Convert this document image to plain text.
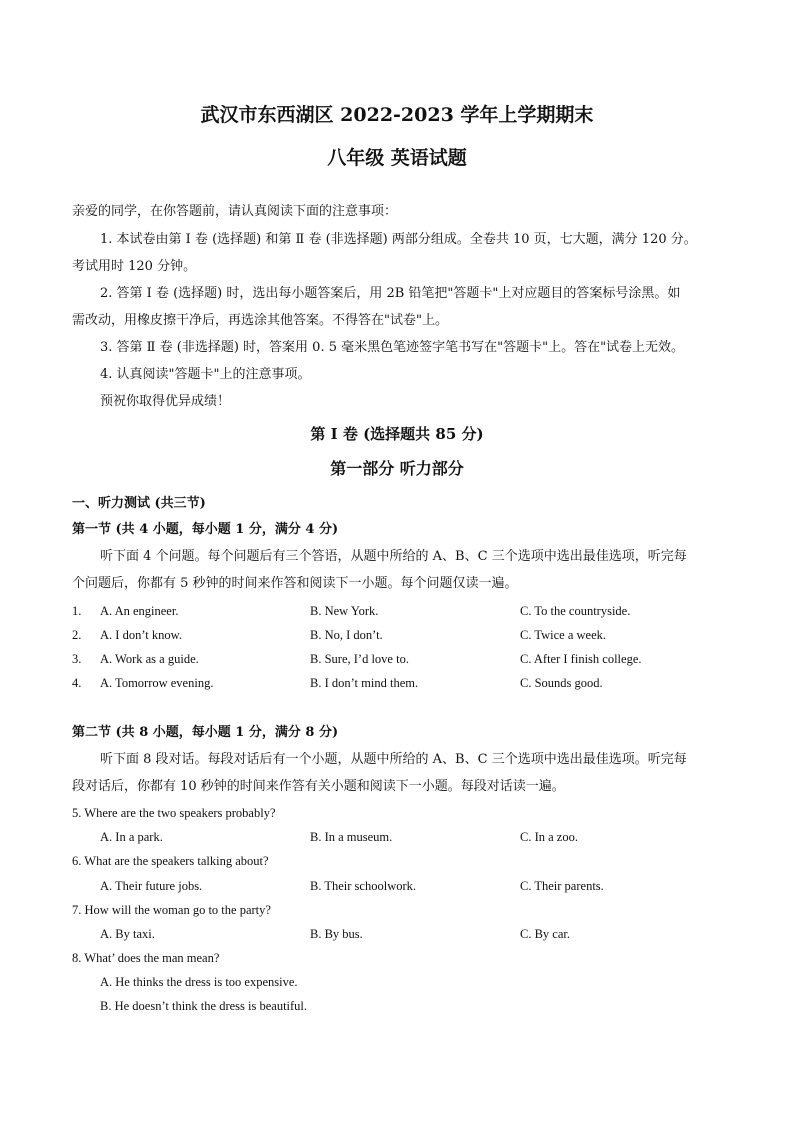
武汉市东西湖区 2022-2023 学年上学期期末
八年级 英语试题
亲爱的同学，在你答题前，请认真阅读下面的注意事项：
1. 本试卷由第 I 卷 (选择题) 和第 Ⅱ 卷 (非选择题) 两部分组成。全卷共 10 页，七大题，满分 120 分。
考试用时 120 分钟。
2. 答第 I 卷 (选择题) 时，选出每小题答案后，用 2B 铅笔把"答题卡"上对应题目的答案标号涂黑。如
需改动，用橡皮擦干净后，再选涂其他答案。不得答在"试卷"上。
3. 答第 Ⅱ 卷 (非选择题) 时，答案用 0. 5 毫米黑色笔迹签字笔书写在"答题卡"上。答在"试卷上无效。
4. 认真阅读"答题卡"上的注意事项。
预祝你取得优异成绩！
第 I 卷 (选择题共 85 分)
第一部分 听力部分
一、听力测试 (共三节)
第一节 (共 4 小题，每小题 1 分，满分 4 分)
听下面 4 个问题。每个问题后有三个答语，从题中所给的 A、B、C 三个选项中选出最佳选项，听完每
个问题后，你都有 5 秒钟的时间来作答和阅读下一小题。每个问题仅读一遍。
1. A. An engineer.	B. New York.	C. To the countryside.
2. A. I don’t know.	B. No, I don’t.	C. Twice a week.
3. A. Work as a guide.	B. Sure, I’d love to.	C. After I finish college.
4. A. Tomorrow evening.	B. I don’t mind them.	C. Sounds good.
第二节 (共 8 小题，每小题 1 分，满分 8 分)
听下面 8 段对话。每段对话后有一个小题，从题中所给的 A、B、C 三个选项中选出最佳选项。听完每
段对话后，你都有 10 秒钟的时间来作答有关小题和阅读下一小题。每段对话读一遍。
5. Where are the two speakers probably?
A. In a park.	B. In a museum.	C. In a zoo.
6. What are the speakers talking about?
A. Their future jobs.	B. Their schoolwork.	C. Their parents.
7. How will the woman go to the party?
A. By taxi.	B. By bus.	C. By car.
8. What’ does the man mean?
A. He thinks the dress is too expensive.
B. He doesn’t think the dress is beautiful.
